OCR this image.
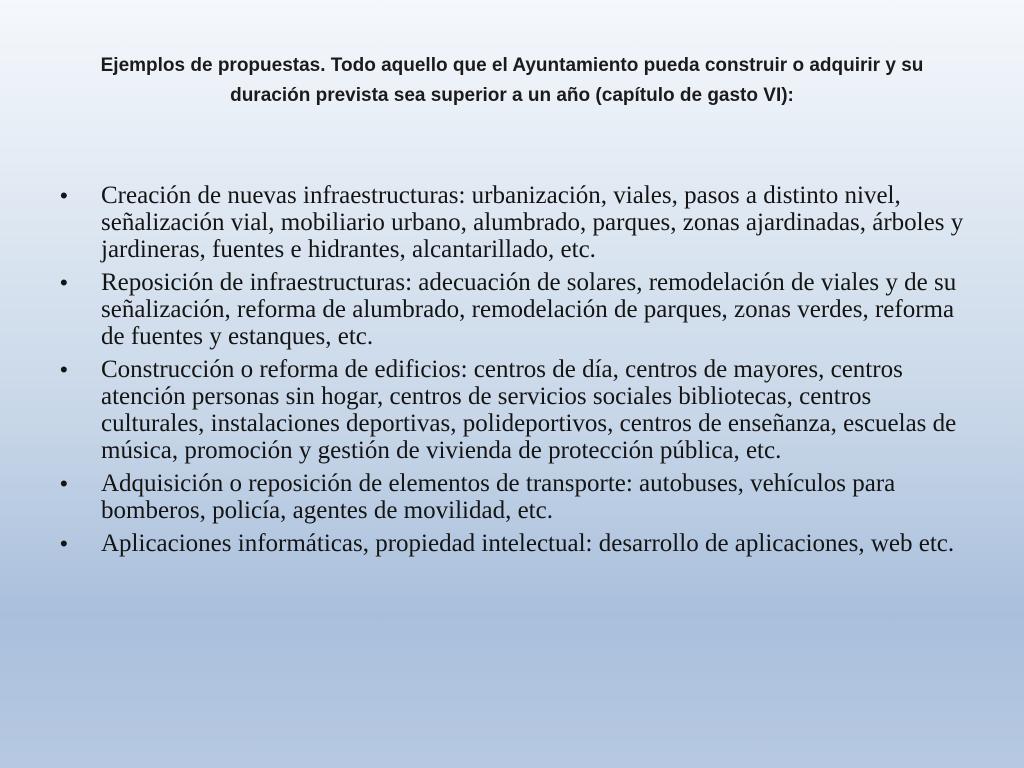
Ejemplos de propuestas. Todo aquello que el Ayuntamiento pueda construir o adquirir y su duración prevista sea superior a un año (capítulo de gasto VI):
• Creación de nuevas infraestructuras: urbanización, viales, pasos a distinto nivel, señalización vial, mobiliario urbano, alumbrado, parques, zonas ajardinadas, árboles y jardineras, fuentes e hidrantes, alcantarillado, etc.
• Reposición de infraestructuras: adecuación de solares, remodelación de viales y de su señalización, reforma de alumbrado, remodelación de parques, zonas verdes, reforma de fuentes y estanques, etc.
• Construcción o reforma de edificios: centros de día, centros de mayores, centros atención personas sin hogar, centros de servicios sociales bibliotecas, centros culturales, instalaciones deportivas, polideportivos, centros de enseñanza, escuelas de música, promoción y gestión de vivienda de protección pública, etc.
• Adquisición o reposición de elementos de transporte: autobuses, vehículos para bomberos, policía, agentes de movilidad, etc.
• Aplicaciones informáticas, propiedad intelectual: desarrollo de aplicaciones, web etc.
